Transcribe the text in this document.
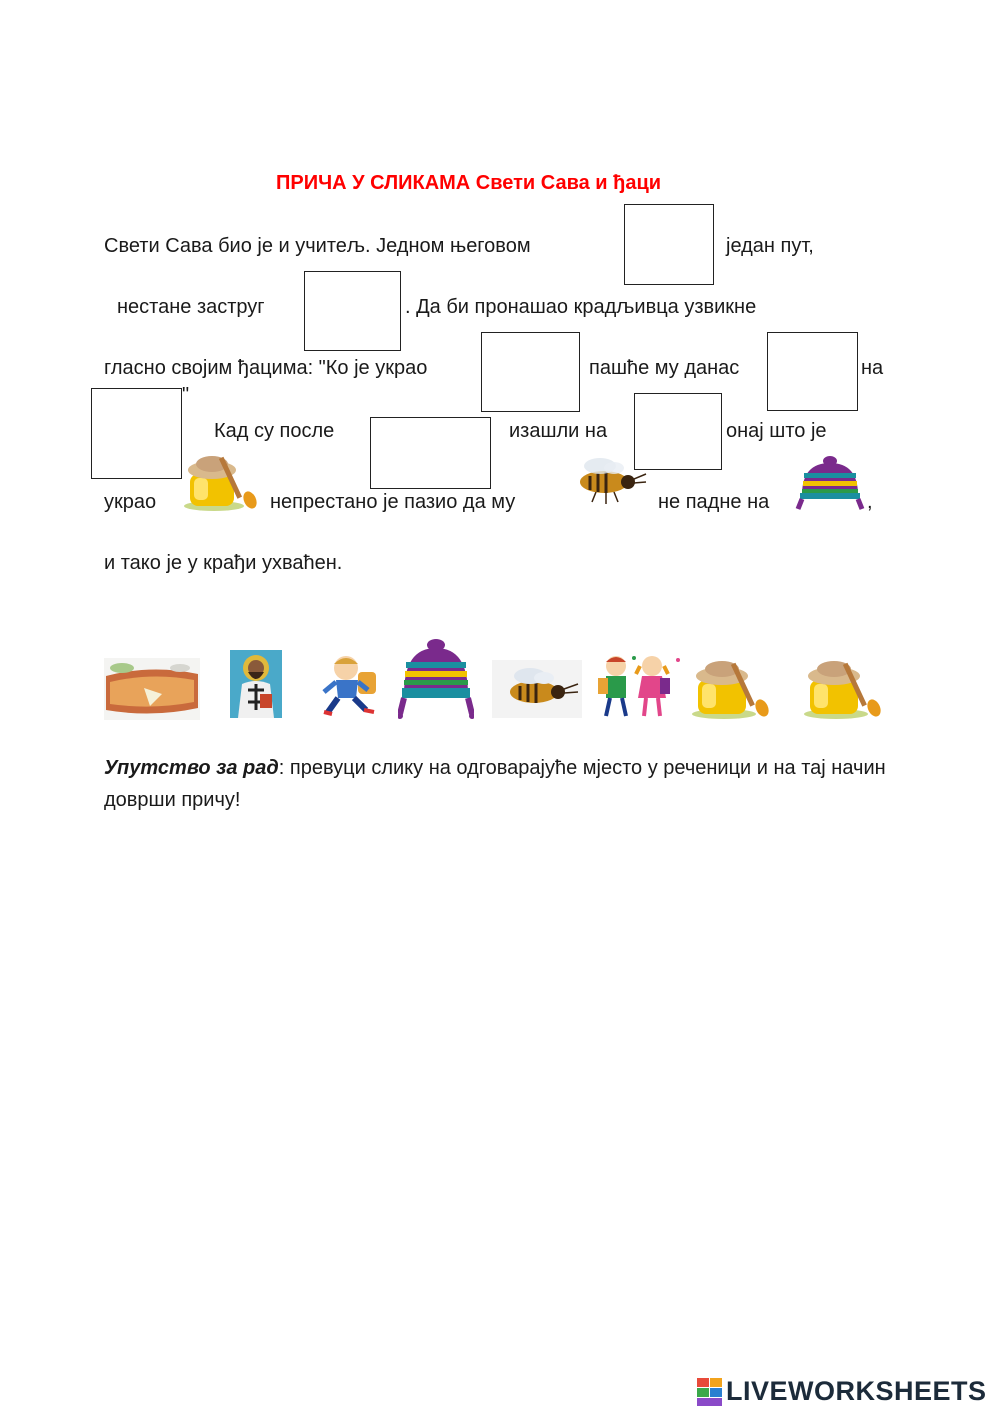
ПРИЧА У СЛИКАМА Свети Сава и ђаци
Свети Сава био је и учитељ. Једном његовом	један пут,
нестане заструг	. Да би пронашао крадљивца узвикне
гласно својим ђацима: "Ко је украо	пашће му данас	на
"
Кад су после	изашли на	онај што је
украо	непрестано је пазио да му	не падне на	,
и тако је у крађи ухваћен.
Упутство за рад: превуци слику на одговарајуће мјесто у реченици и на тај начин доврши причу!
LIVEWORKSHEETS
